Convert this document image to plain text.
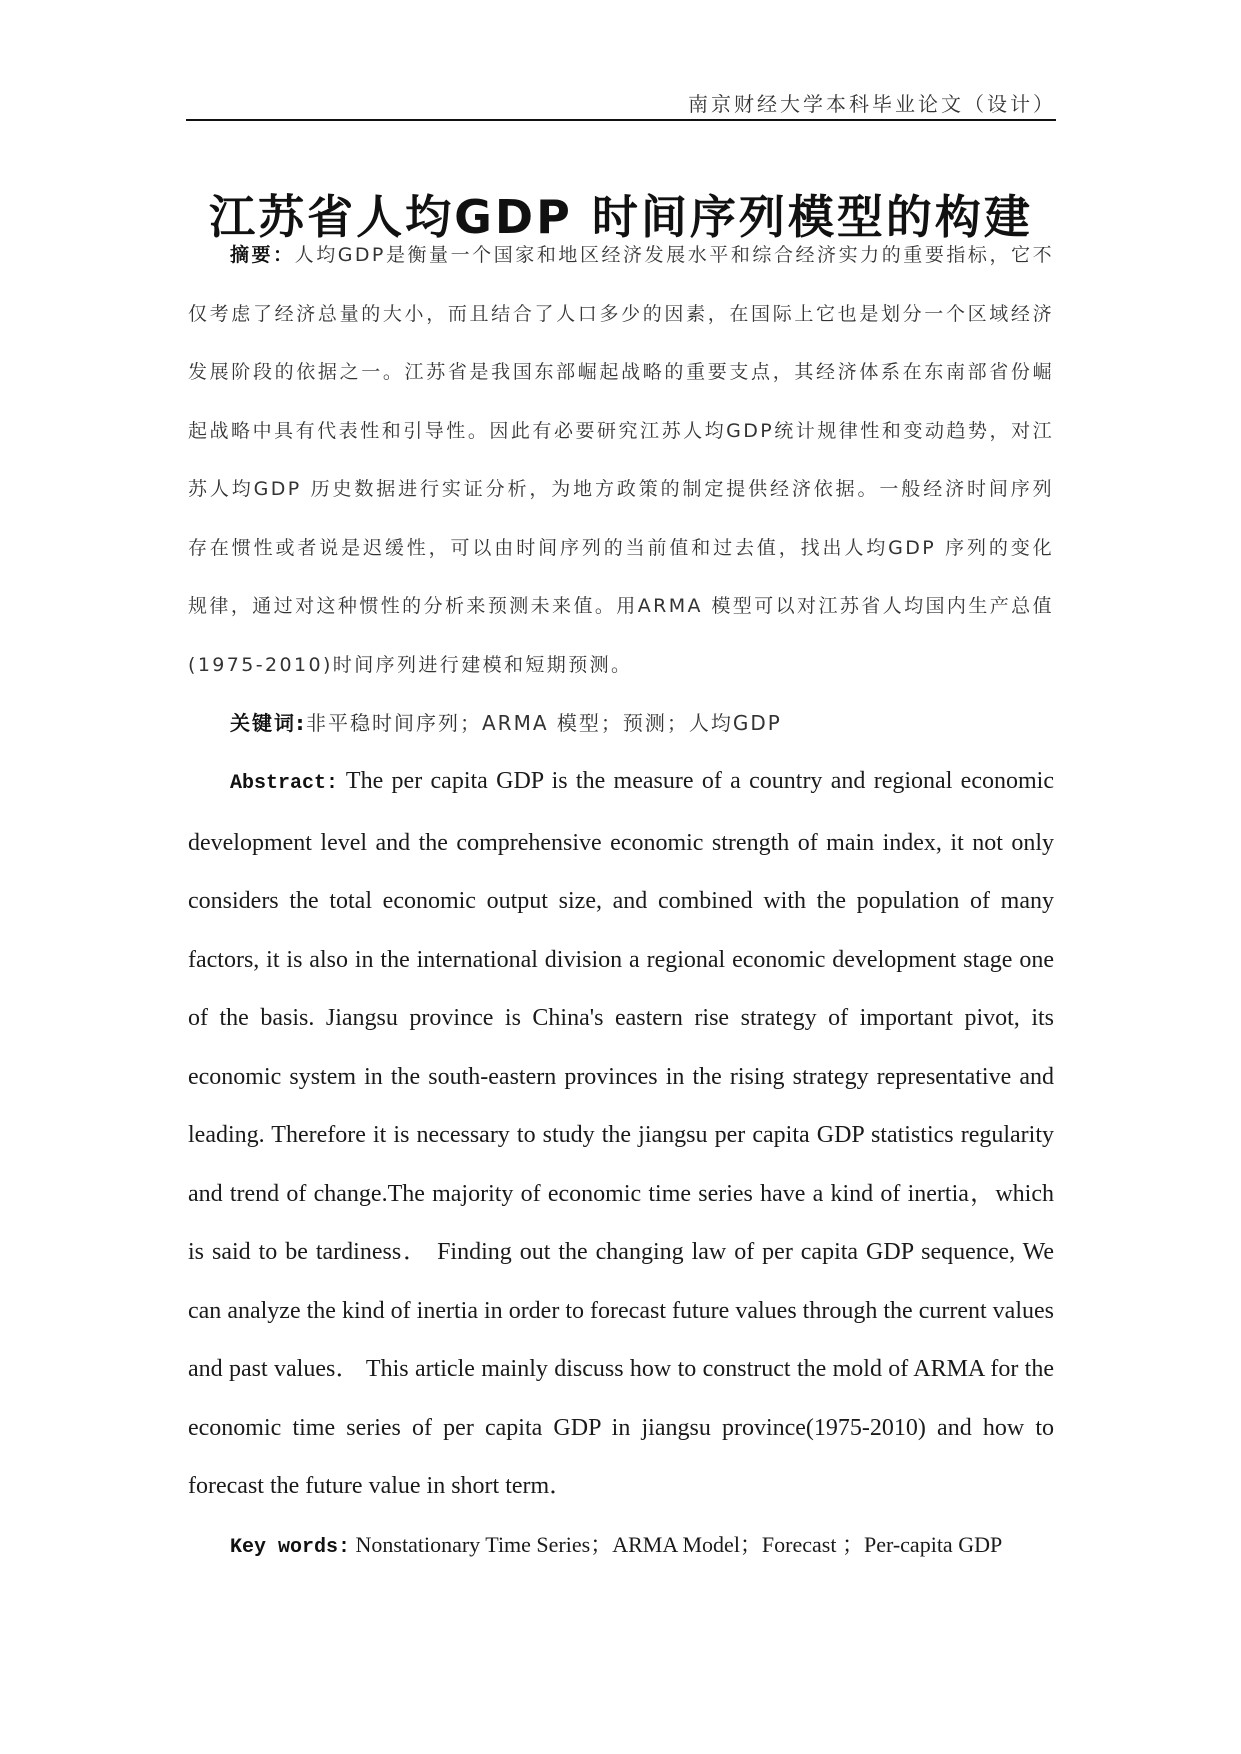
南京财经大学本科毕业论文（设计）
江苏省人均GDP 时间序列模型的构建

摘要：人均GDP是衡量一个国家和地区经济发展水平和综合经济实力的重要指标，它不仅考虑了经济总量的大小，而且结合了人口多少的因素，在国际上它也是划分一个区域经济发展阶段的依据之一。江苏省是我国东部崛起战略的重要支点，其经济体系在东南部省份崛起战略中具有代表性和引导性。因此有必要研究江苏人均GDP统计规律性和变动趋势，对江苏人均GDP 历史数据进行实证分析，为地方政策的制定提供经济依据。一般经济时间序列存在惯性或者说是迟缓性，可以由时间序列的当前值和过去值，找出人均GDP 序列的变化规律，通过对这种惯性的分析来预测未来值。用ARMA 模型可以对江苏省人均国内生产总值(1975-2010)时间序列进行建模和短期预测。

关键词:非平稳时间序列；ARMA 模型；预测；人均GDP

Abstract: The per capita GDP is the measure of a country and regional economic development level and the comprehensive economic strength of main index, it not only considers the total economic output size, and combined with the population of many factors, it is also in the international division a regional economic development stage one of the basis. Jiangsu province is China's eastern rise strategy of important pivot, its economic system in the south-eastern provinces in the rising strategy representative and leading. Therefore it is necessary to study the jiangsu per capita GDP statistics regularity and trend of change.The majority of economic time series have a kind of inertia，which is said to be tardiness． Finding out the changing law of per capita GDP sequence, We can analyze the kind of inertia in order to forecast future values through the current values and past values． This article mainly discuss how to construct the mold of ARMA for the economic time series of per capita GDP in jiangsu province(1975-2010) and how to forecast the future value in short term．

Key words: Nonstationary Time Series；ARMA Model；Forecast ；Per-capita GDP
